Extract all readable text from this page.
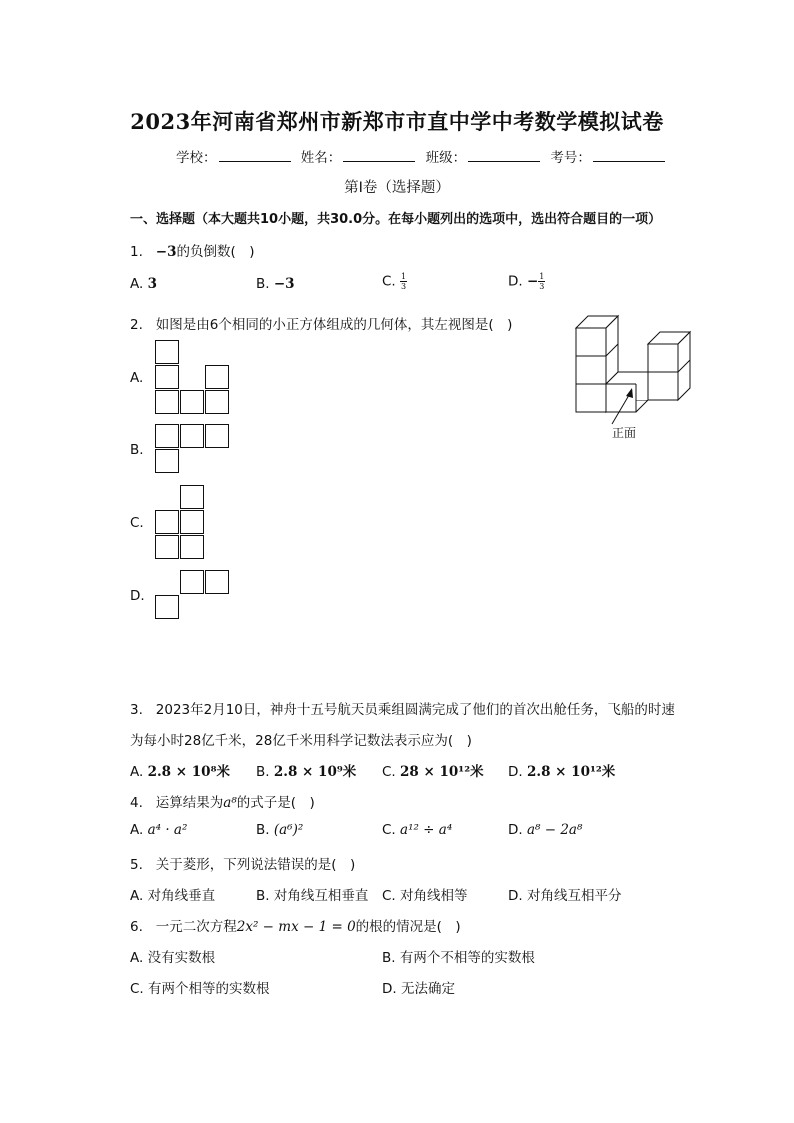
2023年河南省郑州市新郑市市直中学中考数学模拟试卷
学校：	姓名：	班级：	考号：
第Ⅰ卷（选择题）
一、选择题（本大题共10小题，共30.0分。在每小题列出的选项中，选出符合题目的一项）
1. −3的负倒数(　)
A. 3	B. −3	C. $\frac{1}{3}$	D. − $\frac{1}{3}$
2. 如图是由6个相同的小正方体组成的几何体，其左视图是(　)
A.
B.
C.
D.
正面
3. 2023年2月10日，神舟十五号航天员乘组圆满完成了他们的首次出舱任务，飞船的时速
为每小时28亿千米，28亿千米用科学记数法表示应为(　)
A. 2.8 × 10⁸米 B. 2.8 × 10⁹米 C. 28 × 10¹²米 D. 2.8 × 10¹²米
4. 运算结果为a⁸的式子是(　)
A. a⁴ · a²	B. (a⁶)²	C. a¹² ÷ a⁴	D. a⁸ − 2a⁸
5. 关于菱形，下列说法错误的是(　)
A. 对角线垂直	B. 对角线互相垂直 C. 对角线相等	D. 对角线互相平分
6. 一元二次方程2x² − mx − 1 = 0的根的情况是(　)
A. 没有实数根	B. 有两个不相等的实数根
C. 有两个相等的实数根	D. 无法确定
